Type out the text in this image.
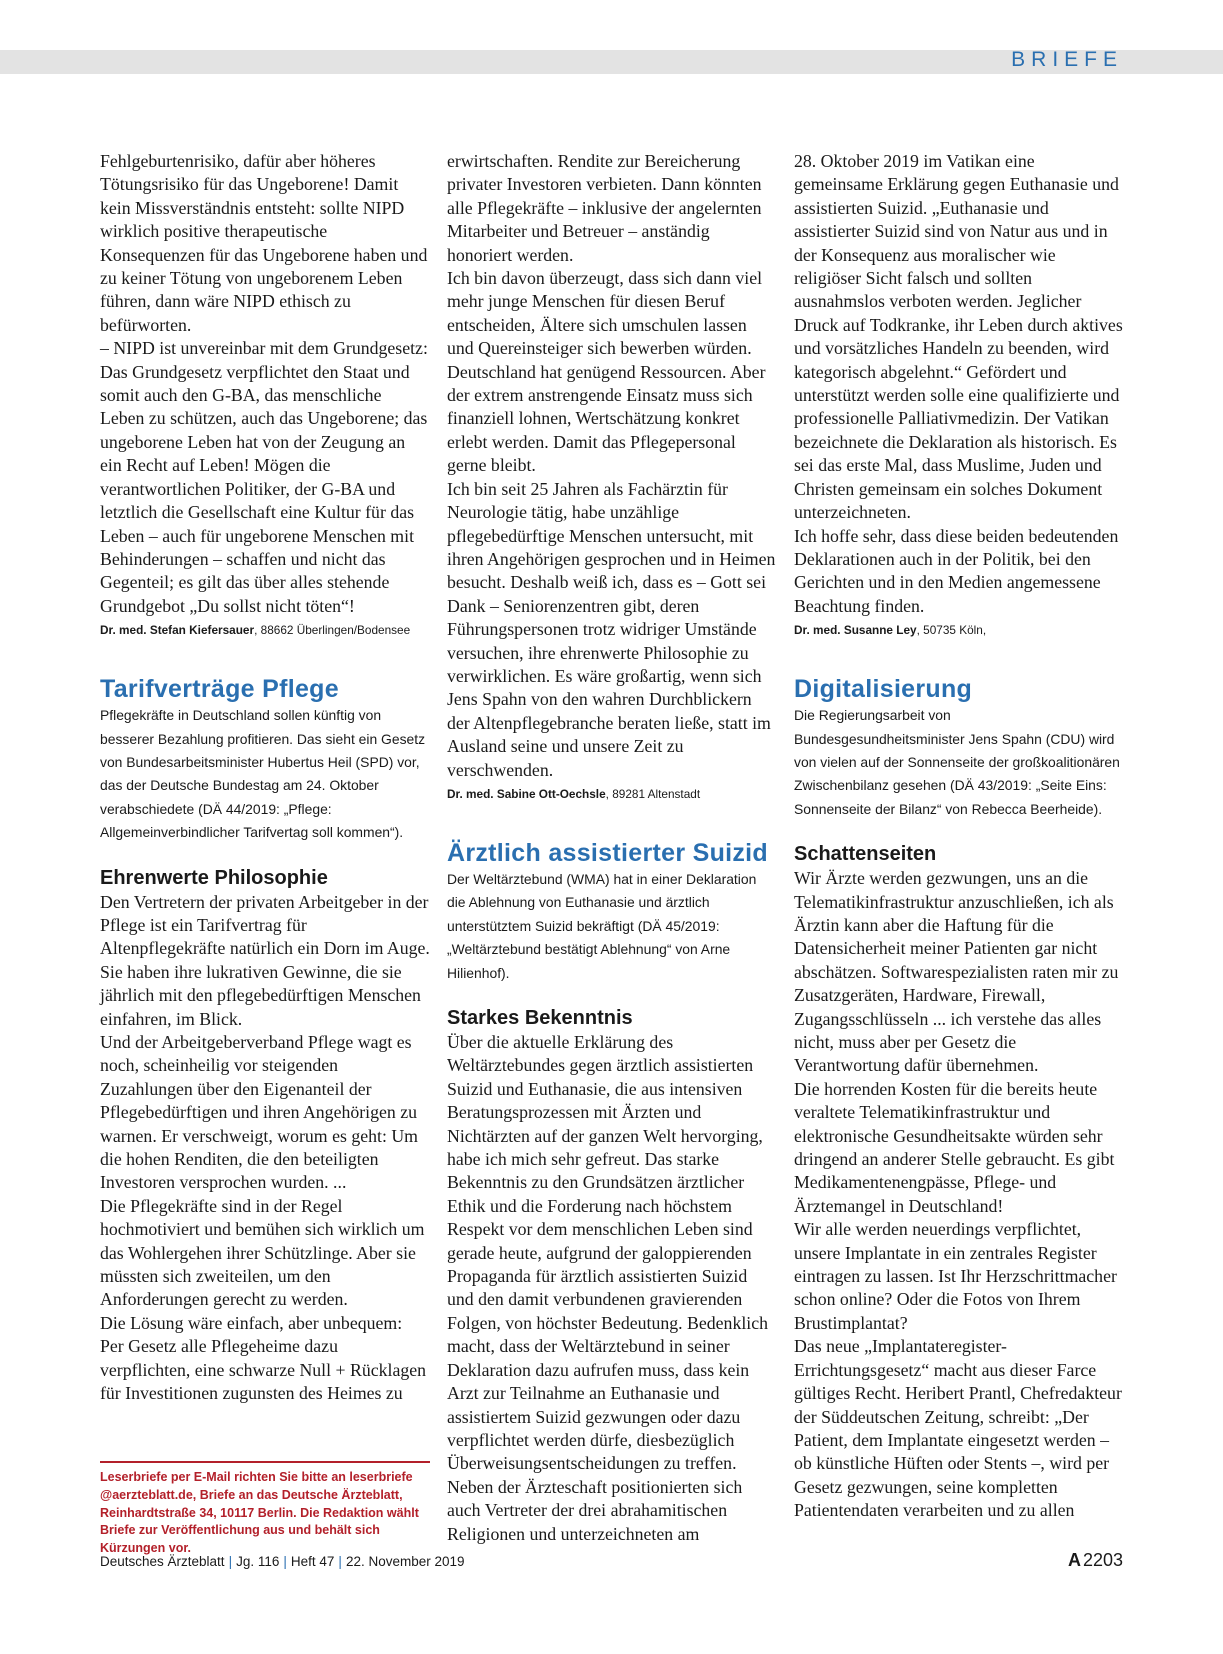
BRIEFE

Fehlgeburtenrisiko, dafür aber höheres Tötungsrisiko für das Ungeborene! Damit kein Missverständnis entsteht: sollte NIPD wirklich positive therapeutische Konsequenzen für das Ungeborene haben und zu keiner Tötung von ungeborenem Leben führen, dann wäre NIPD ethisch zu befürworten.

– NIPD ist unvereinbar mit dem Grundgesetz: Das Grundgesetz verpflichtet den Staat und somit auch den G-BA, das menschliche Leben zu schützen, auch das Ungeborene; das ungeborene Leben hat von der Zeugung an ein Recht auf Leben! Mögen die verantwortlichen Politiker, der G-BA und letztlich die Gesellschaft eine Kultur für das Leben – auch für ungeborene Menschen mit Behinderungen – schaffen und nicht das Gegenteil; es gilt das über alles stehende Grundgebot „Du sollst nicht töten“!

Dr. med. Stefan Kiefersauer, 88662 Überlingen/Bodensee

Tarifverträge Pflege

Pflegekräfte in Deutschland sollen künftig von besserer Bezahlung profitieren. Das sieht ein Gesetz von Bundesarbeitsminister Hubertus Heil (SPD) vor, das der Deutsche Bundestag am 24. Oktober verabschiedete (DÄ 44/2019: „Pflege: Allgemeinverbindlicher Tarifvertag soll kommen“).

Ehrenwerte Philosophie

Den Vertretern der privaten Arbeitgeber in der Pflege ist ein Tarifvertrag für Altenpflegekräfte natürlich ein Dorn im Auge. Sie haben ihre lukrativen Gewinne, die sie jährlich mit den pflegebedürftigen Menschen einfahren, im Blick.

Und der Arbeitgeberverband Pflege wagt es noch, scheinheilig vor steigenden Zuzahlungen über den Eigenanteil der Pflegebedürftigen und ihren Angehörigen zu warnen. Er verschweigt, worum es geht: Um die hohen Renditen, die den beteiligten Investoren versprochen wurden. ...

Die Pflegekräfte sind in der Regel hochmotiviert und bemühen sich wirklich um das Wohlergehen ihrer Schützlinge. Aber sie müssten sich zweiteilen, um den Anforderungen gerecht zu werden.

Die Lösung wäre einfach, aber unbequem: Per Gesetz alle Pflegeheime dazu verpflichten, eine schwarze Null + Rücklagen für Investitionen zugunsten des Heimes zu

Leserbriefe per E-Mail richten Sie bitte an leserbriefe @aerzteblatt.de, Briefe an das Deutsche Ärzteblatt, Reinhardtstraße 34, 10117 Berlin. Die Redaktion wählt Briefe zur Veröffentlichung aus und behält sich Kürzungen vor.

erwirtschaften. Rendite zur Bereicherung privater Investoren verbieten. Dann könnten alle Pflegekräfte – inklusive der angelernten Mitarbeiter und Betreuer – anständig honoriert werden.

Ich bin davon überzeugt, dass sich dann viel mehr junge Menschen für diesen Beruf entscheiden, Ältere sich umschulen lassen und Quereinsteiger sich bewerben würden. Deutschland hat genügend Ressourcen. Aber der extrem anstrengende Einsatz muss sich finanziell lohnen, Wertschätzung konkret erlebt werden. Damit das Pflegepersonal gerne bleibt.

Ich bin seit 25 Jahren als Fachärztin für Neurologie tätig, habe unzählige pflegebedürftige Menschen untersucht, mit ihren Angehörigen gesprochen und in Heimen besucht. Deshalb weiß ich, dass es – Gott sei Dank – Seniorenzentren gibt, deren Führungspersonen trotz widriger Umstände versuchen, ihre ehrenwerte Philosophie zu verwirklichen. Es wäre großartig, wenn sich Jens Spahn von den wahren Durchblickern der Altenpflegebranche beraten ließe, statt im Ausland seine und unsere Zeit zu verschwenden.

Dr. med. Sabine Ott-Oechsle, 89281 Altenstadt

Ärztlich assistierter Suizid

Der Weltärztebund (WMA) hat in einer Deklaration die Ablehnung von Euthanasie und ärztlich unterstütztem Suizid bekräftigt (DÄ 45/2019: „Weltärztebund bestätigt Ablehnung“ von Arne Hilienhof).

Starkes Bekenntnis

Über die aktuelle Erklärung des Weltärztebundes gegen ärztlich assistierten Suizid und Euthanasie, die aus intensiven Beratungsprozessen mit Ärzten und Nichtärzten auf der ganzen Welt hervorging, habe ich mich sehr gefreut. Das starke Bekenntnis zu den Grundsätzen ärztlicher Ethik und die Forderung nach höchstem Respekt vor dem menschlichen Leben sind gerade heute, aufgrund der galoppierenden Propaganda für ärztlich assistierten Suizid und den damit verbundenen gravierenden Folgen, von höchster Bedeutung. Bedenklich macht, dass der Weltärztebund in seiner Deklaration dazu aufrufen muss, dass kein Arzt zur Teilnahme an Euthanasie und assistiertem Suizid gezwungen oder dazu verpflichtet werden dürfe, diesbezüglich Überweisungsentscheidungen zu treffen.

Neben der Ärzteschaft positionierten sich auch Vertreter der drei abrahamitischen Religionen und unterzeichneten am

28. Oktober 2019 im Vatikan eine gemeinsame Erklärung gegen Euthanasie und assistierten Suizid. „Euthanasie und assistierter Suizid sind von Natur aus und in der Konsequenz aus moralischer wie religiöser Sicht falsch und sollten ausnahmslos verboten werden. Jeglicher Druck auf Todkranke, ihr Leben durch aktives und vorsätzliches Handeln zu beenden, wird kategorisch abgelehnt.“ Gefördert und unterstützt werden solle eine qualifizierte und professionelle Palliativmedizin. Der Vatikan bezeichnete die Deklaration als historisch. Es sei das erste Mal, dass Muslime, Juden und Christen gemeinsam ein solches Dokument unterzeichneten.

Ich hoffe sehr, dass diese beiden bedeutenden Deklarationen auch in der Politik, bei den Gerichten und in den Medien angemessene Beachtung finden.

Dr. med. Susanne Ley, 50735 Köln,

Digitalisierung

Die Regierungsarbeit von Bundesgesundheitsminister Jens Spahn (CDU) wird von vielen auf der Sonnenseite der großkoalitionären Zwischenbilanz gesehen (DÄ 43/2019: „Seite Eins: Sonnenseite der Bilanz“ von Rebecca Beerheide).

Schattenseiten

Wir Ärzte werden gezwungen, uns an die Telematikinfrastruktur anzuschließen, ich als Ärztin kann aber die Haftung für die Datensicherheit meiner Patienten gar nicht abschätzen. Softwarespezialisten raten mir zu Zusatzgeräten, Hardware, Firewall, Zugangsschlüsseln ... ich verstehe das alles nicht, muss aber per Gesetz die Verantwortung dafür übernehmen.

Die horrenden Kosten für die bereits heute veraltete Telematikinfrastruktur und elektronische Gesundheitsakte würden sehr dringend an anderer Stelle gebraucht. Es gibt Medikamentenengpässe, Pflege- und Ärztemangel in Deutschland!

Wir alle werden neuerdings verpflichtet, unsere Implantate in ein zentrales Register eintragen zu lassen. Ist Ihr Herzschrittmacher schon online? Oder die Fotos von Ihrem Brustimplantat?

Das neue „Implantateregister-Errichtungsgesetz“ macht aus dieser Farce gültiges Recht. Heribert Prantl, Chefredakteur der Süddeutschen Zeitung, schreibt: „Der Patient, dem Implantate eingesetzt werden – ob künstliche Hüften oder Stents –, wird per Gesetz gezwungen, seine kompletten Patientendaten verarbeiten und zu allen

Deutsches Ärzteblatt | Jg. 116 | Heft 47 | 22. November 2019	A 2203
